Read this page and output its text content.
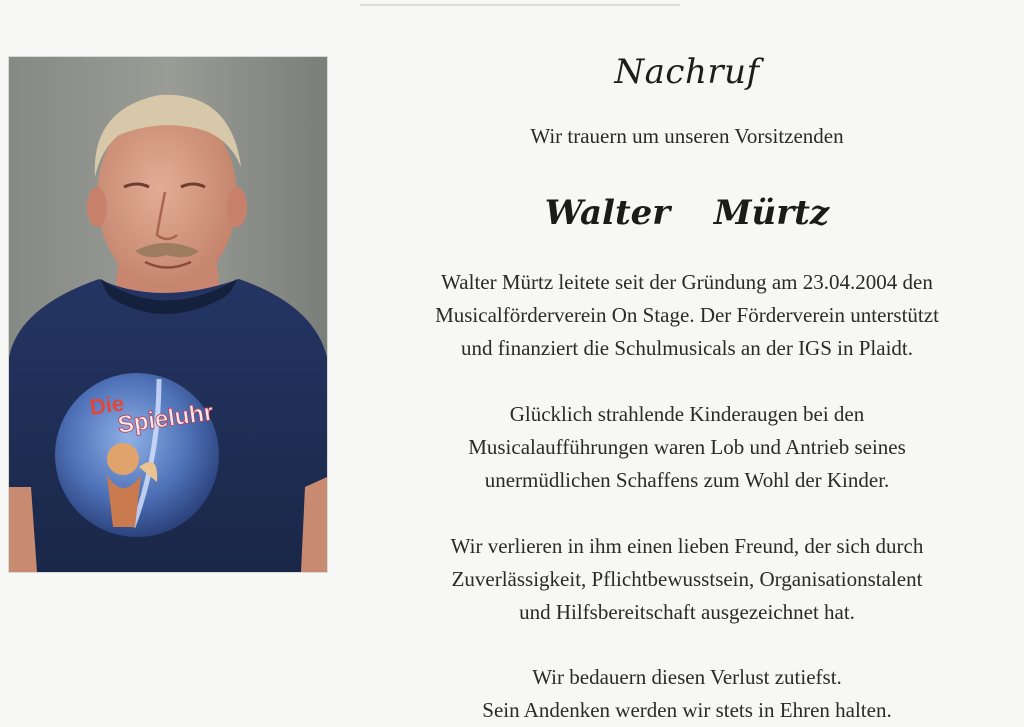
Die
Spieluhr
Nachruf
Wir trauern um unseren Vorsitzenden
Walter  Mürtz
Walter Mürtz leitete seit der Gründung am 23.04.2004 den
Musicalförderverein On Stage. Der Förderverein unterstützt
und finanziert die Schulmusicals an der IGS in Plaidt.
Glücklich strahlende Kinderaugen bei den
Musicalaufführungen waren Lob und Antrieb seines
unermüdlichen Schaffens zum Wohl der Kinder.
Wir verlieren in ihm einen lieben Freund, der sich durch
Zuverlässigkeit, Pflichtbewusstsein, Organisationstalent
und Hilfsbereitschaft ausgezeichnet hat.
Wir bedauern diesen Verlust zutiefst.
Sein Andenken werden wir stets in Ehren halten.
